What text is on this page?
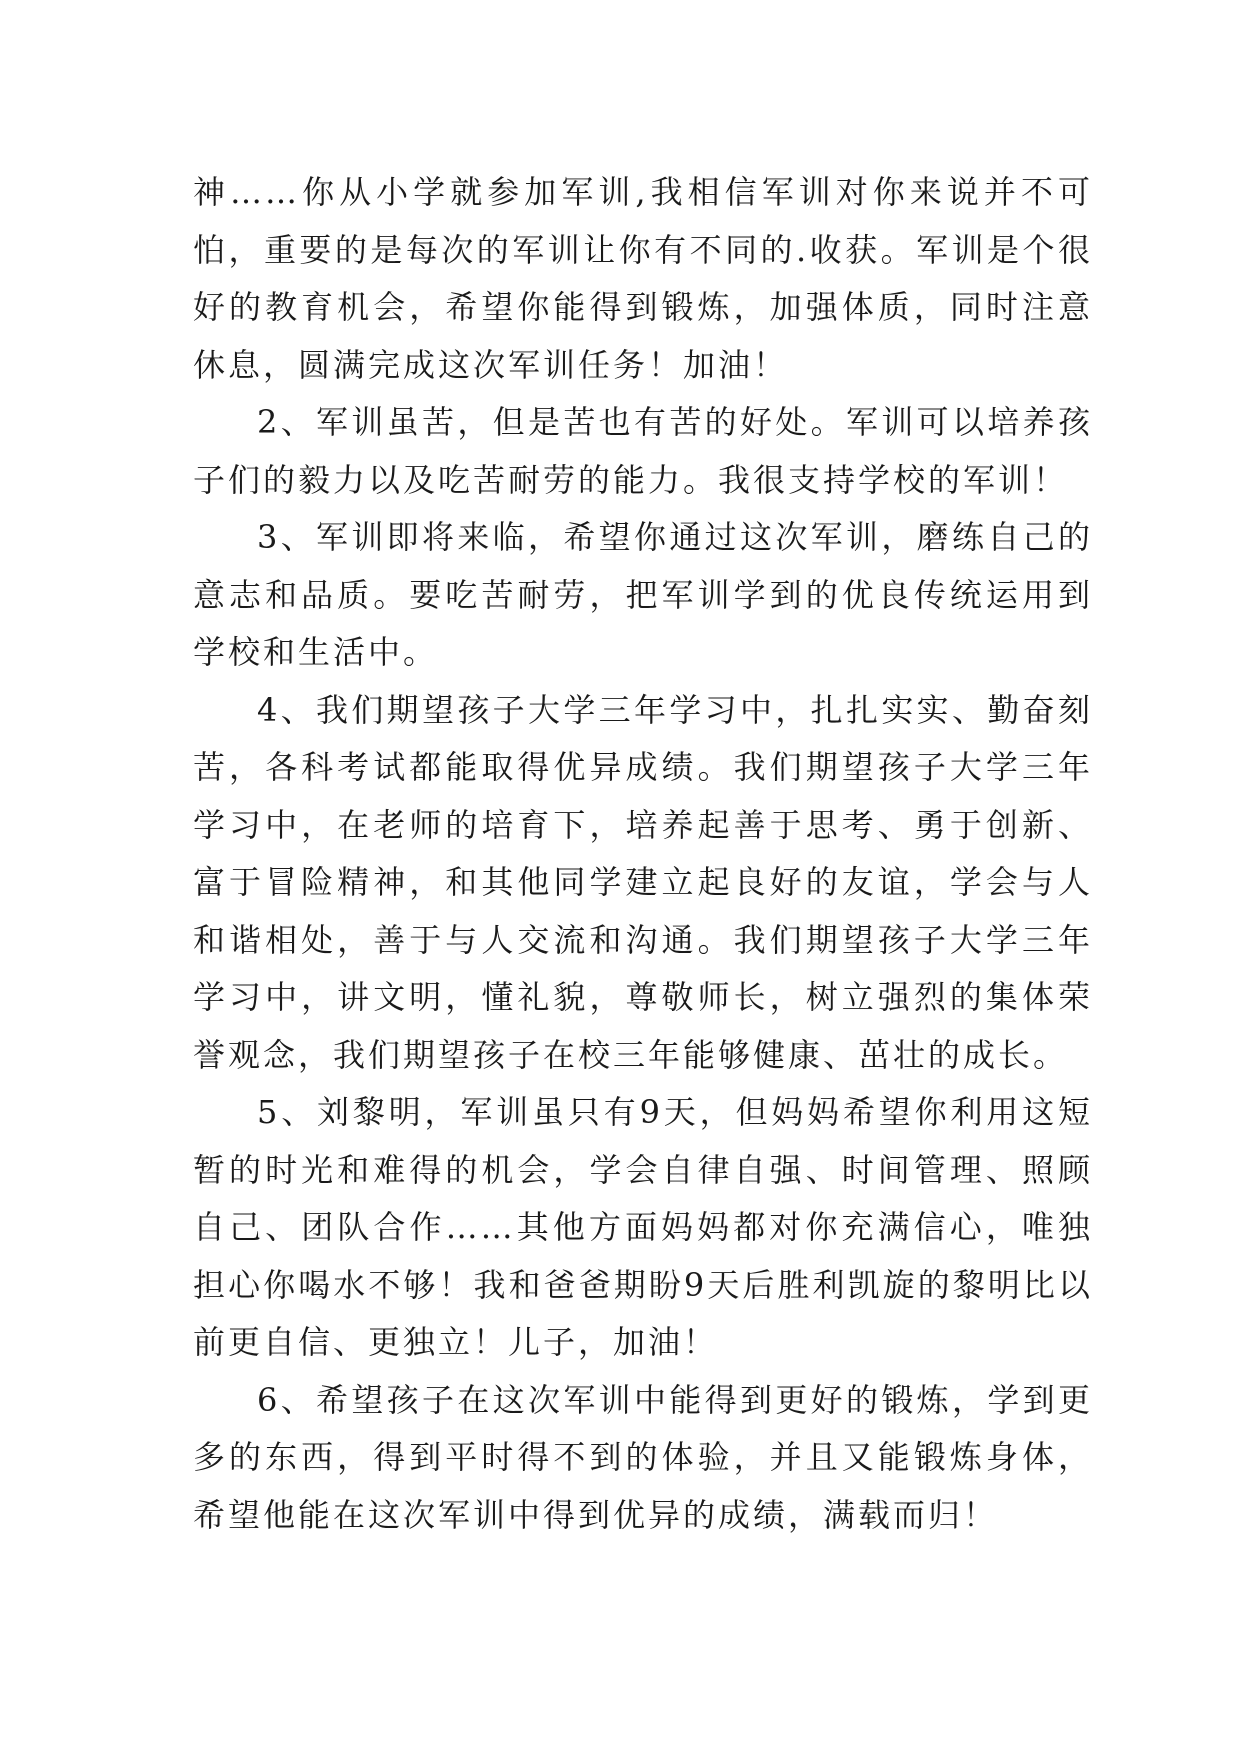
神……你从小学就参加军训,我相信军训对你来说并不可怕，重要的是每次的军训让你有不同的.收获。军训是个很好的教育机会，希望你能得到锻炼，加强体质，同时注意休息，圆满完成这次军训任务！加油！

2、军训虽苦，但是苦也有苦的好处。军训可以培养孩子们的毅力以及吃苦耐劳的能力。我很支持学校的军训！

3、军训即将来临，希望你通过这次军训，磨练自己的意志和品质。要吃苦耐劳，把军训学到的优良传统运用到学校和生活中。

4、我们期望孩子大学三年学习中，扎扎实实、勤奋刻苦，各科考试都能取得优异成绩。我们期望孩子大学三年学习中，在老师的培育下，培养起善于思考、勇于创新、富于冒险精神，和其他同学建立起良好的友谊，学会与人和谐相处，善于与人交流和沟通。我们期望孩子大学三年学习中，讲文明，懂礼貌，尊敬师长，树立强烈的集体荣誉观念，我们期望孩子在校三年能够健康、茁壮的成长。

5、刘黎明，军训虽只有9天，但妈妈希望你利用这短暂的时光和难得的机会，学会自律自强、时间管理、照顾自己、团队合作……其他方面妈妈都对你充满信心，唯独担心你喝水不够！我和爸爸期盼9天后胜利凯旋的黎明比以前更自信、更独立！儿子，加油！

6、希望孩子在这次军训中能得到更好的锻炼，学到更多的东西，得到平时得不到的体验，并且又能锻炼身体，希望他能在这次军训中得到优异的成绩，满载而归！
